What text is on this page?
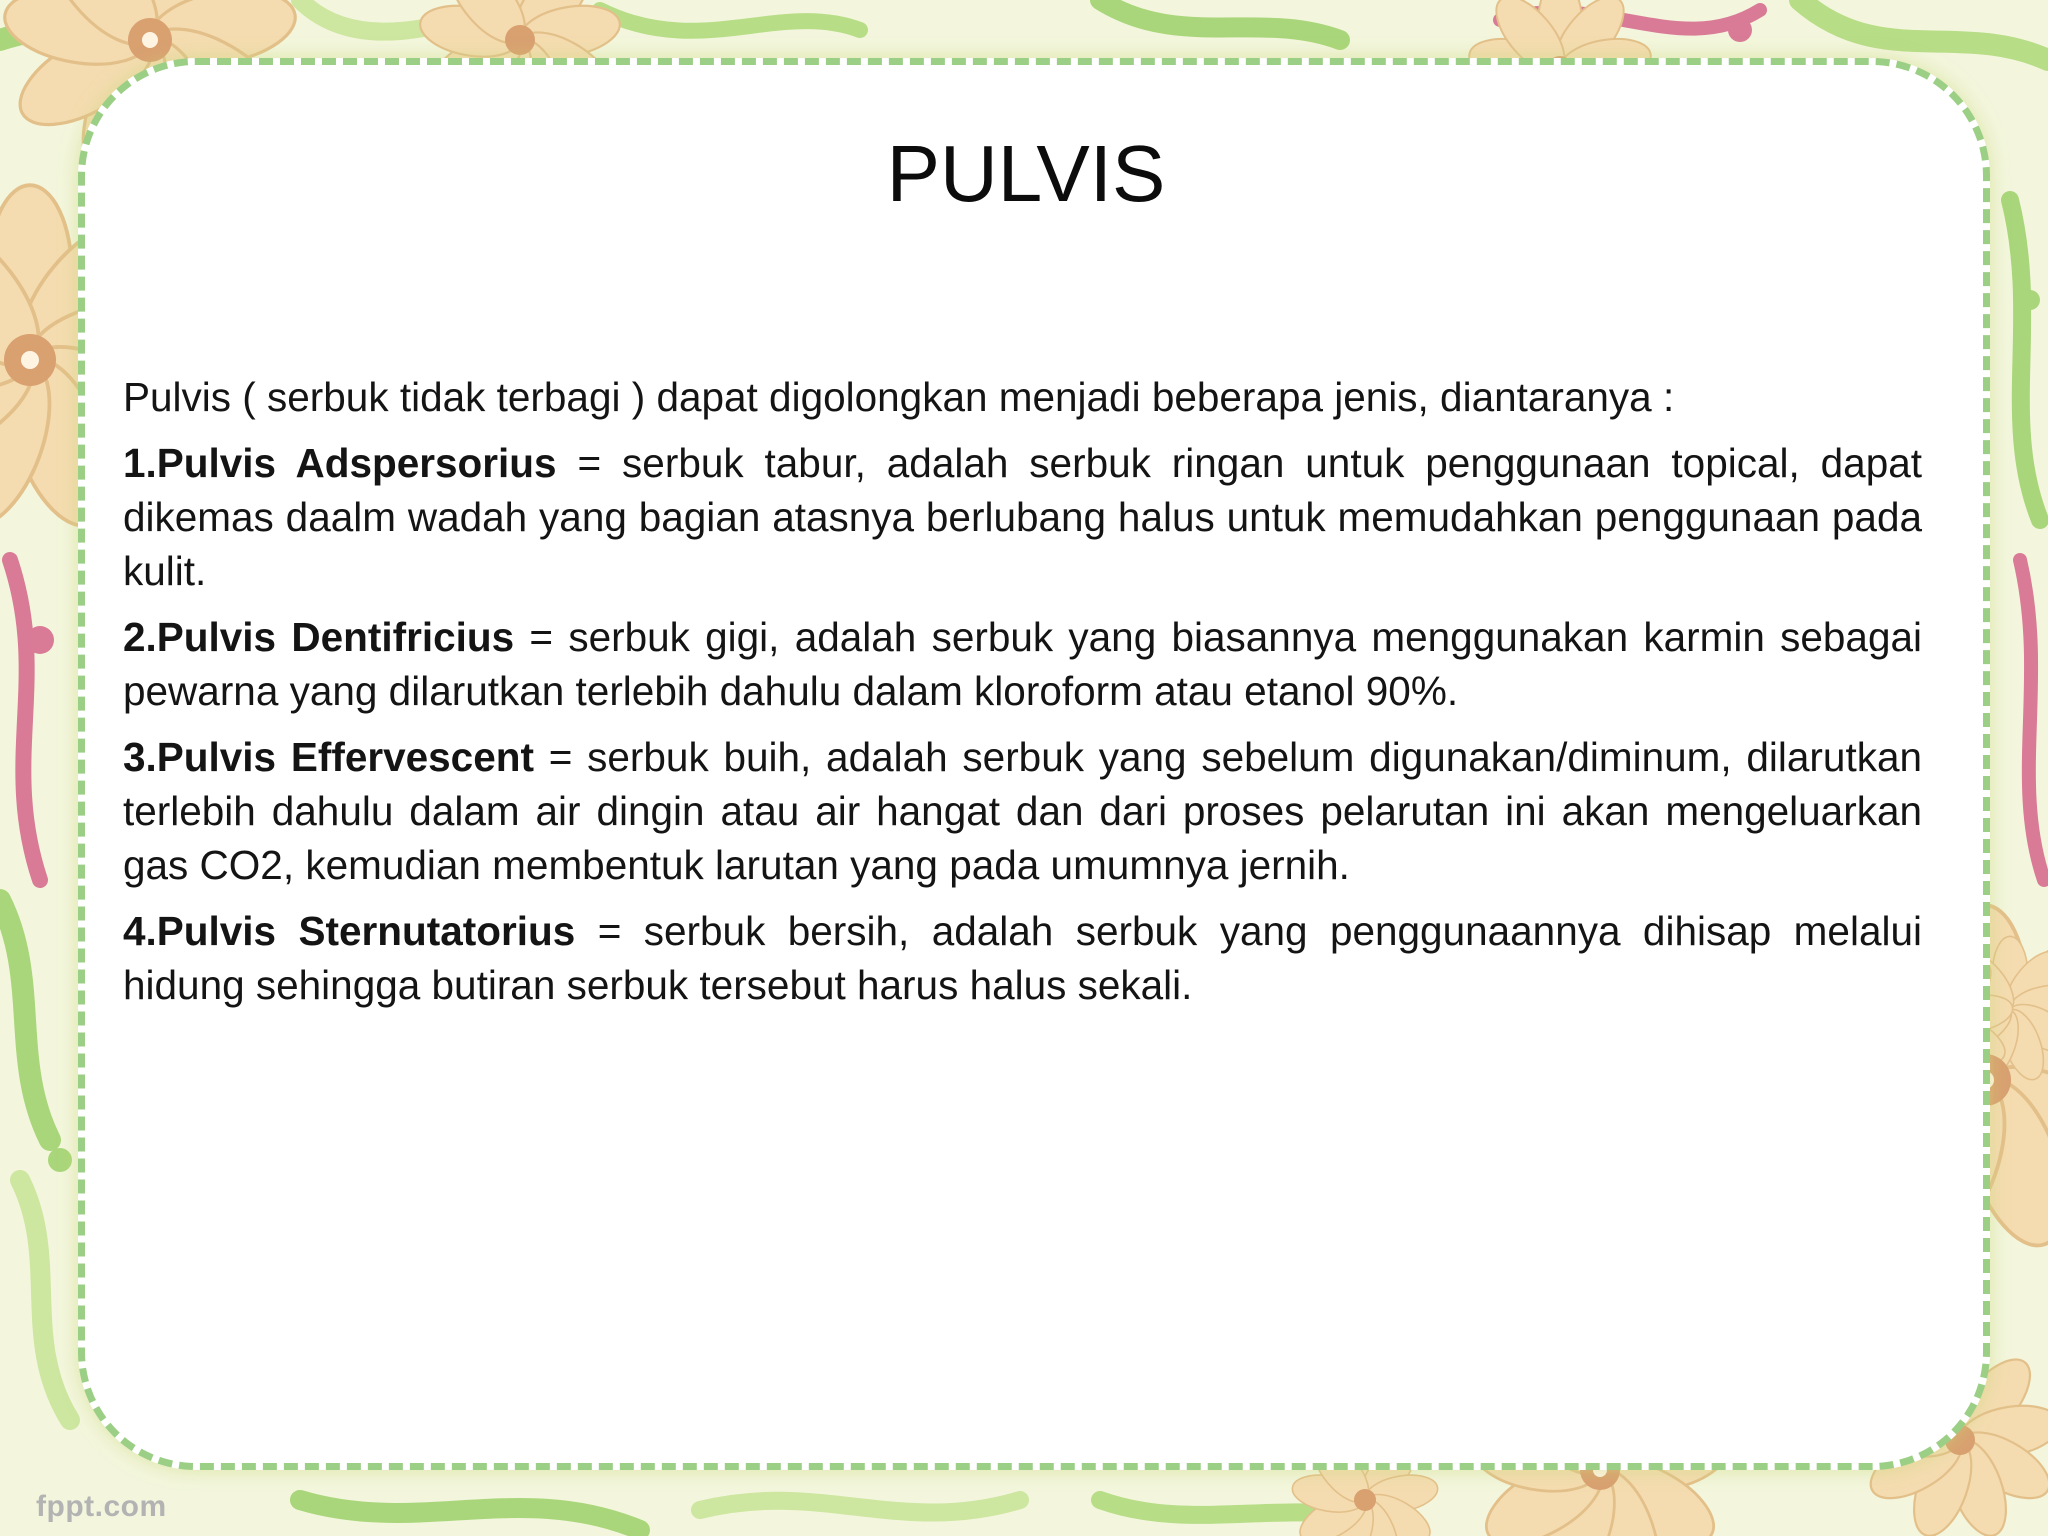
PULVIS

Pulvis ( serbuk tidak terbagi ) dapat digolongkan menjadi beberapa jenis, diantaranya :

1.Pulvis Adspersorius = serbuk tabur, adalah serbuk ringan untuk penggunaan topical, dapat dikemas daalm wadah yang bagian atasnya berlubang halus untuk memudahkan penggunaan pada kulit.

2.Pulvis Dentifricius = serbuk gigi, adalah serbuk yang biasannya menggunakan karmin sebagai pewarna yang dilarutkan terlebih dahulu dalam kloroform atau etanol 90%.

3.Pulvis Effervescent = serbuk buih, adalah serbuk yang sebelum digunakan/diminum, dilarutkan terlebih dahulu dalam air dingin atau air hangat dan dari proses pelarutan ini akan mengeluarkan gas CO2, kemudian membentuk larutan yang pada umumnya jernih.

4.Pulvis Sternutatorius = serbuk bersih, adalah serbuk yang penggunaannya dihisap melalui hidung sehingga butiran serbuk tersebut harus halus sekali.

fppt.com
